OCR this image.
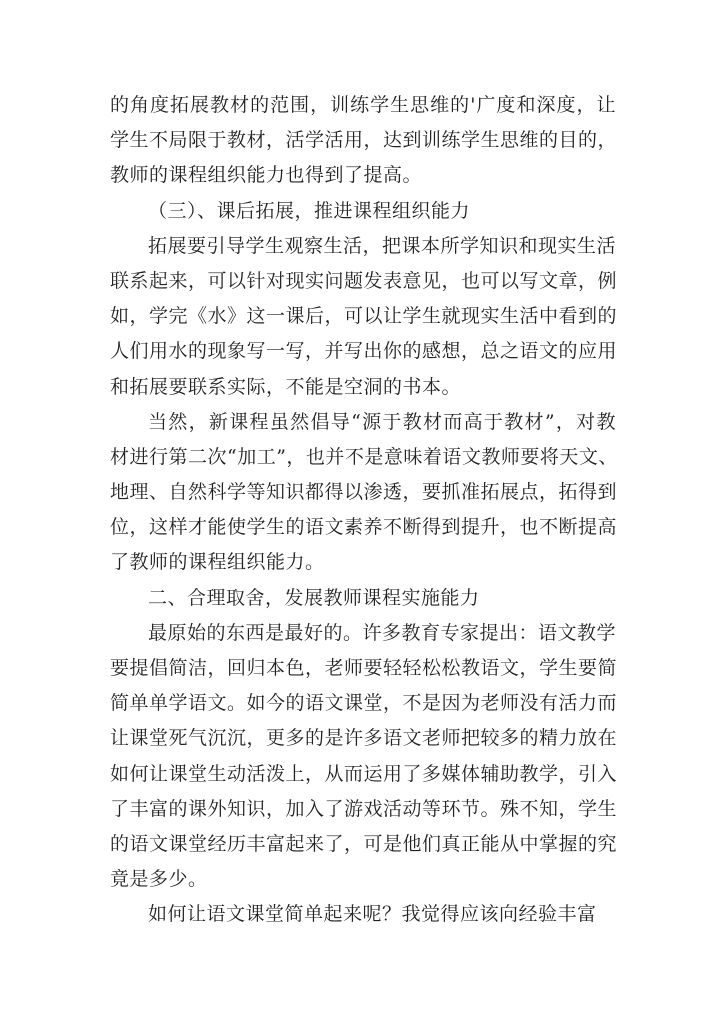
的角度拓展教材的范围，训练学生思维的'广度和深度，让
学生不局限于教材，活学活用，达到训练学生思维的目的，
教师的课程组织能力也得到了提高。
（三）、课后拓展，推进课程组织能力
拓展要引导学生观察生活，把课本所学知识和现实生活
联系起来，可以针对现实问题发表意见，也可以写文章，例
如，学完《水》这一课后，可以让学生就现实生活中看到的
人们用水的现象写一写，并写出你的感想，总之语文的应用
和拓展要联系实际，不能是空洞的书本。
当然，新课程虽然倡导“源于教材而高于教材”，对教
材进行第二次“加工”，也并不是意味着语文教师要将天文、
地理、自然科学等知识都得以渗透，要抓准拓展点，拓得到
位，这样才能使学生的语文素养不断得到提升，也不断提高
了教师的课程组织能力。
二、合理取舍，发展教师课程实施能力
最原始的东西是最好的。许多教育专家提出：语文教学
要提倡简洁，回归本色，老师要轻轻松松教语文，学生要简
简单单学语文。如今的语文课堂，不是因为老师没有活力而
让课堂死气沉沉，更多的是许多语文老师把较多的精力放在
如何让课堂生动活泼上，从而运用了多媒体辅助教学，引入
了丰富的课外知识，加入了游戏活动等环节。殊不知，学生
的语文课堂经历丰富起来了，可是他们真正能从中掌握的究
竟是多少。
如何让语文课堂简单起来呢？我觉得应该向经验丰富
